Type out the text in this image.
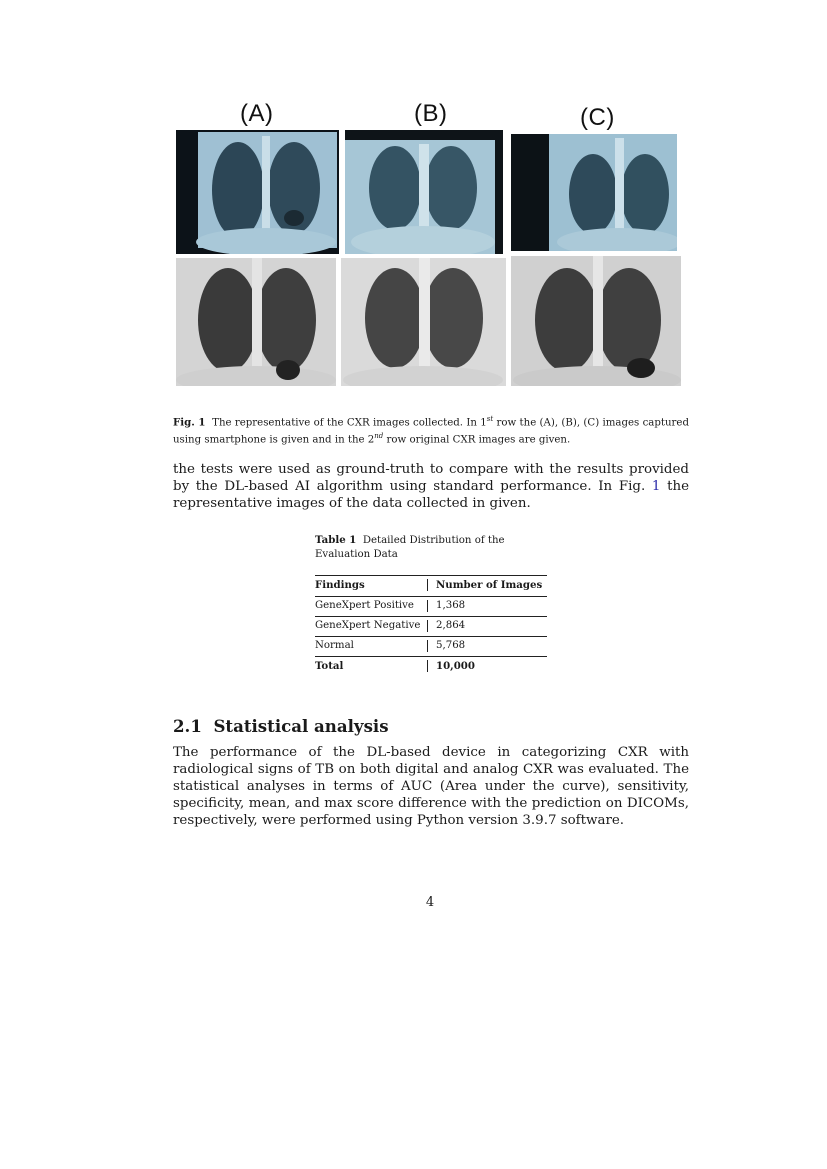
(A)	(B)	(C)
Fig. 1 The representative of the CXR images collected. In 1st row the (A), (B), (C) images captured using smartphone is given and in the 2nd row original CXR images are given.
the tests were used as ground-truth to compare with the results provided by the DL-based AI algorithm using standard performance. In Fig. 1 the representative images of the data collected in given.
Table 1 Detailed Distribution of the Evaluation Data
Findings	Number of Images
GeneXpert Positive 1,368
GeneXpert Negative 2,864
Normal	5,768
Total	10,000
2.1 Statistical analysis
The performance of the DL-based device in categorizing CXR with radiological signs of TB on both digital and analog CXR was evaluated. The statistical analyses in terms of AUC (Area under the curve), sensitivity, specificity, mean, and max score difference with the prediction on DICOMs, respectively, were performed using Python version 3.9.7 software.
4
